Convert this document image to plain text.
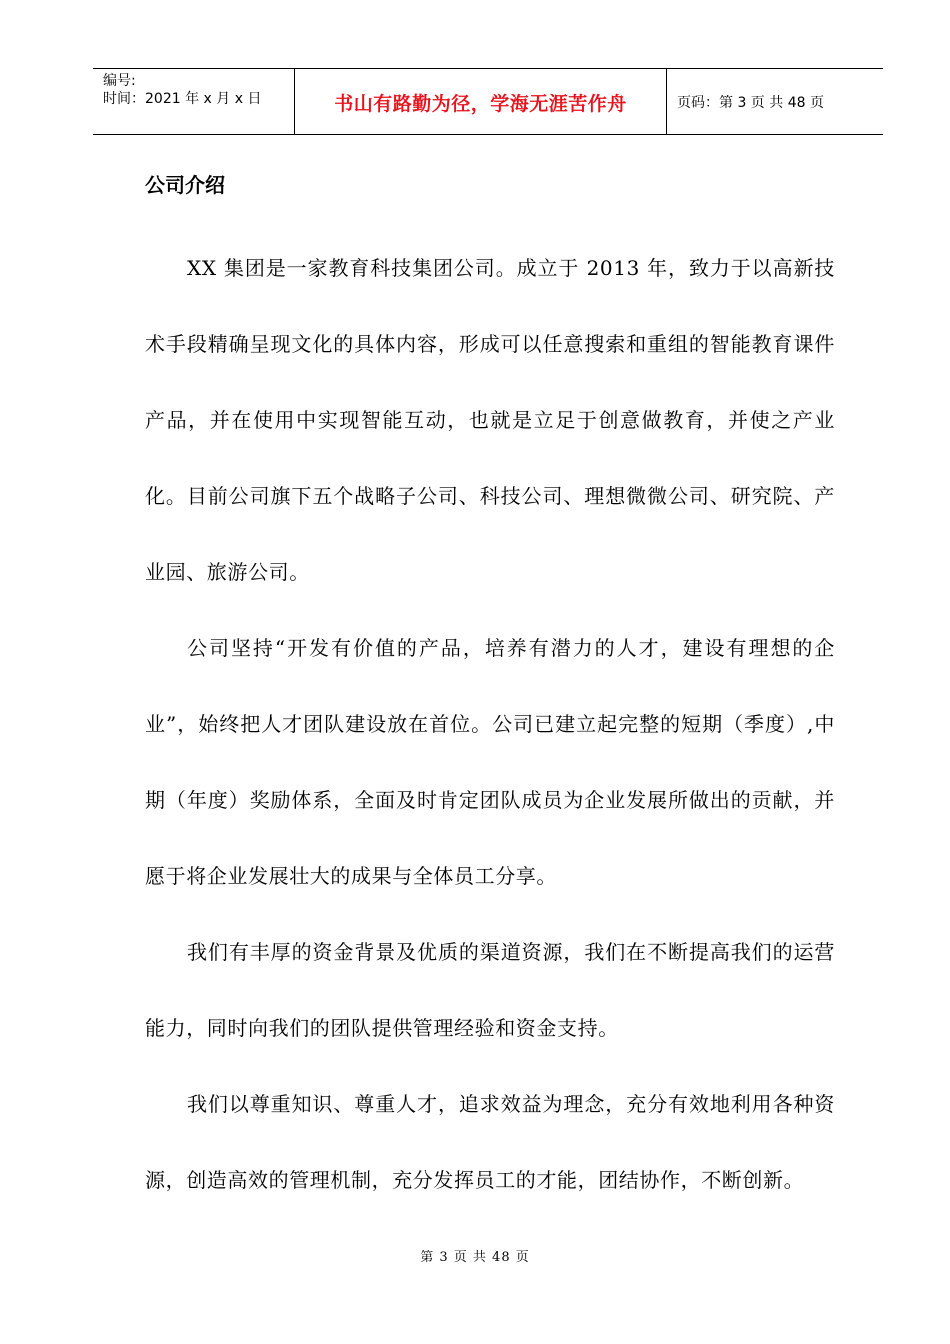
编号:
时间：2021 年 x 月 x 日	书山有路勤为径，学海无涯苦作舟	页码：第 3 页 共 48 页
公司介绍

XX 集团是一家教育科技集团公司。成立于 2013 年，致力于以高新技术手段精确呈现文化的具体内容，形成可以任意搜索和重组的智能教育课件产品，并在使用中实现智能互动，也就是立足于创意做教育，并使之产业化。目前公司旗下五个战略子公司、科技公司、理想微微公司、研究院、产业园、旅游公司。

公司坚持“开发有价值的产品，培养有潜力的人才，建设有理想的企业”，始终把人才团队建设放在首位。公司已建立起完整的短期（季度）,中期（年度）奖励体系，全面及时肯定团队成员为企业发展所做出的贡献，并愿于将企业发展壮大的成果与全体员工分享。

我们有丰厚的资金背景及优质的渠道资源，我们在不断提高我们的运营能力，同时向我们的团队提供管理经验和资金支持。

我们以尊重知识、尊重人才，追求效益为理念，充分有效地利用各种资源，创造高效的管理机制，充分发挥员工的才能，团结协作，不断创新。

第 3 页 共 48 页
